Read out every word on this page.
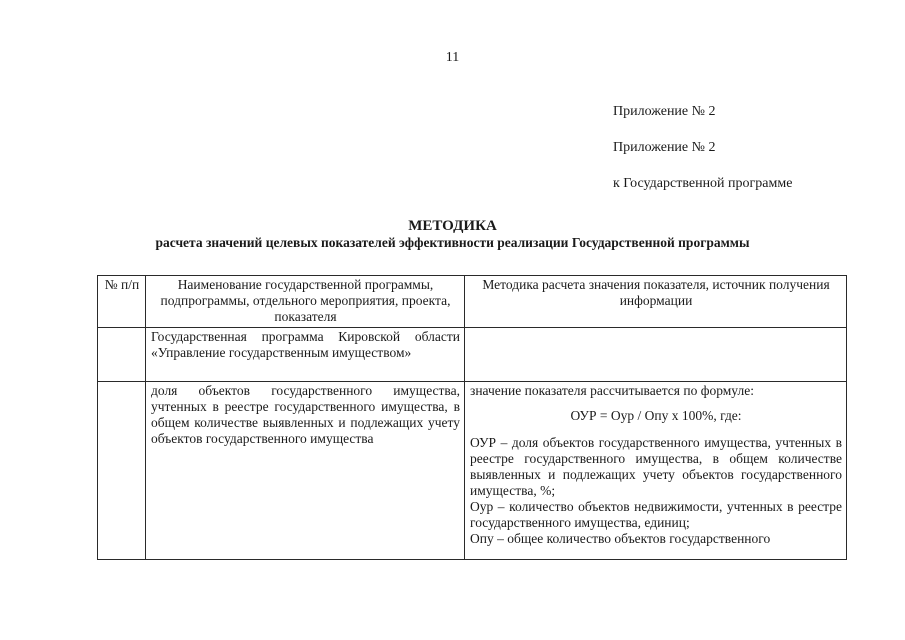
11
Приложение № 2
Приложение № 2
к Государственной программе
МЕТОДИКА
расчета значений целевых показателей эффективности реализации Государственной программы
№ п/п	Наименование государственной программы, подпрограммы, отдельного мероприятия, проекта, показателя	Методика расчета значения показателя, источник получения информации
	Государственная программа Кировской области «Управление государственным имуществом»	
	доля объектов государственного имущества, учтенных в реестре государственного имущества, в общем количестве выявленных и подлежащих учету объектов государственного имущества	значение показателя рассчитывается по формуле:
ОУР = Оур / Опу х 100%, где:
ОУР – доля объектов государственного имущества, учтенных в реестре государственного имущества, в общем количестве выявленных и подлежащих учету объектов государственного имущества, %;
Оур – количество объектов недвижимости, учтенных в реестре государственного имущества, единиц;
Опу – общее количество объектов государственного
